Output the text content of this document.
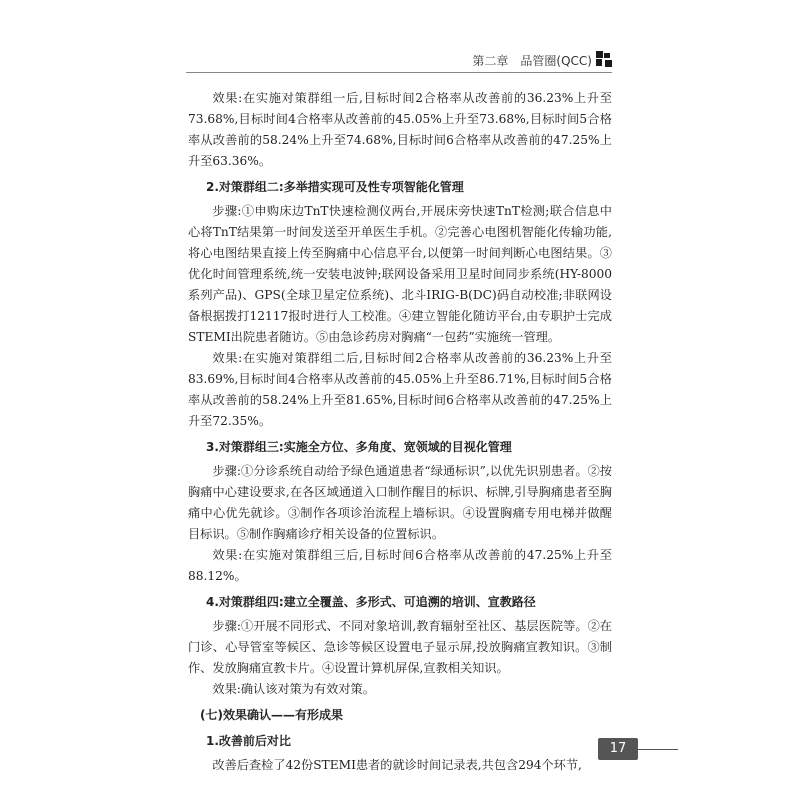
第二章　品管圈(QCC)

效果:在实施对策群组一后,目标时间2合格率从改善前的36.23%上升至73.68%,目标时间4合格率从改善前的45.05%上升至73.68%,目标时间5合格率从改善前的58.24%上升至74.68%,目标时间6合格率从改善前的47.25%上升至63.36%。

2.对策群组二:多举措实现可及性专项智能化管理

步骤:①申购床边TnT快速检测仪两台,开展床旁快速TnT检测;联合信息中心将TnT结果第一时间发送至开单医生手机。②完善心电图机智能化传输功能,将心电图结果直接上传至胸痛中心信息平台,以便第一时间判断心电图结果。③优化时间管理系统,统一安装电波钟;联网设备采用卫星时间同步系统(HY-8000系列产品)、GPS(全球卫星定位系统)、北斗IRIG-B(DC)码自动校准;非联网设备根据拨打12117报时进行人工校准。④建立智能化随访平台,由专职护士完成STEMI出院患者随访。⑤由急诊药房对胸痛“一包药”实施统一管理。

效果:在实施对策群组二后,目标时间2合格率从改善前的36.23%上升至83.69%,目标时间4合格率从改善前的45.05%上升至86.71%,目标时间5合格率从改善前的58.24%上升至81.65%,目标时间6合格率从改善前的47.25%上升至72.35%。

3.对策群组三:实施全方位、多角度、宽领域的目视化管理

步骤:①分诊系统自动给予绿色通道患者“绿通标识”,以优先识别患者。②按胸痛中心建设要求,在各区域通道入口制作醒目的标识、标牌,引导胸痛患者至胸痛中心优先就诊。③制作各项诊治流程上墙标识。④设置胸痛专用电梯并做醒目标识。⑤制作胸痛诊疗相关设备的位置标识。

效果:在实施对策群组三后,目标时间6合格率从改善前的47.25%上升至88.12%。

4.对策群组四:建立全覆盖、多形式、可追溯的培训、宣教路径

步骤:①开展不同形式、不同对象培训,教育辐射至社区、基层医院等。②在门诊、心导管室等候区、急诊等候区设置电子显示屏,投放胸痛宣教知识。③制作、发放胸痛宣教卡片。④设置计算机屏保,宣教相关知识。

效果:确认该对策为有效对策。

(七)效果确认——有形成果
1.改善前后对比

改善后查检了42份STEMI患者的就诊时间记录表,共包含294个环节,

17
